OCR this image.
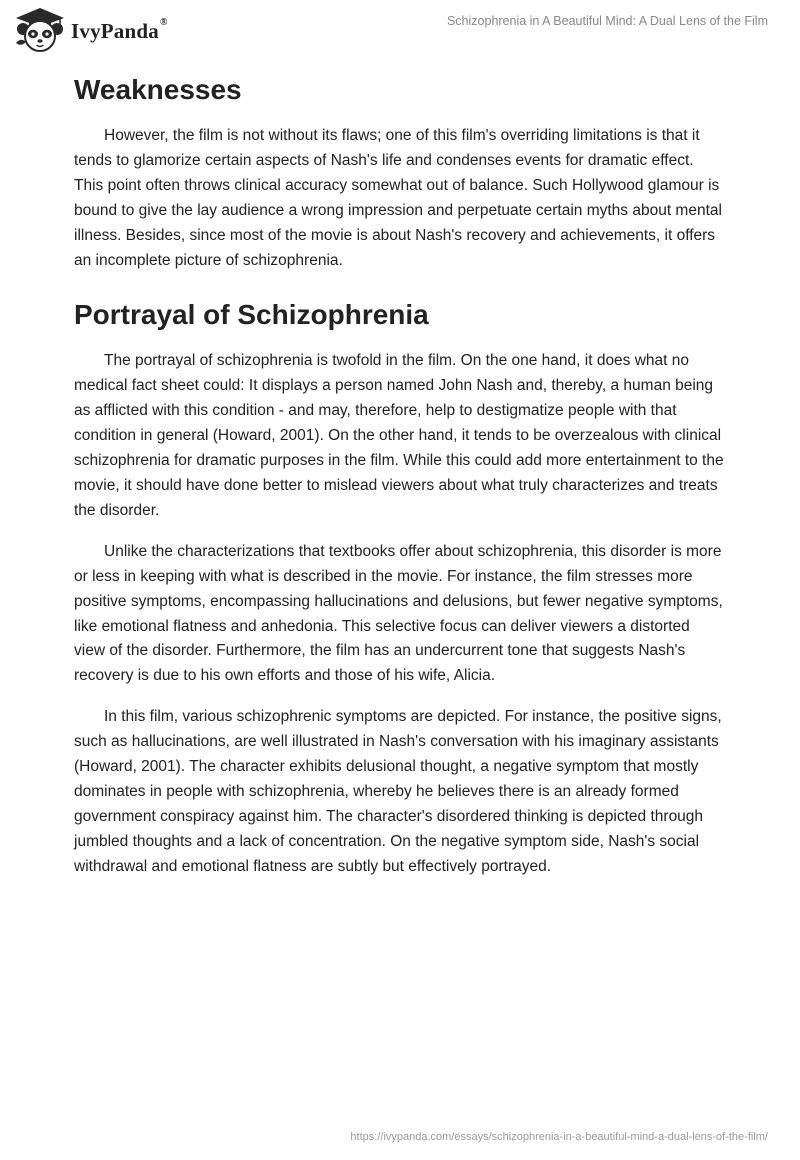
IvyPanda®	Schizophrenia in A Beautiful Mind: A Dual Lens of the Film
Weaknesses

However, the film is not without its flaws; one of this film's overriding limitations is that it tends to glamorize certain aspects of Nash's life and condenses events for dramatic effect. This point often throws clinical accuracy somewhat out of balance. Such Hollywood glamour is bound to give the lay audience a wrong impression and perpetuate certain myths about mental illness. Besides, since most of the movie is about Nash's recovery and achievements, it offers an incomplete picture of schizophrenia.

Portrayal of Schizophrenia

The portrayal of schizophrenia is twofold in the film. On the one hand, it does what no medical fact sheet could: It displays a person named John Nash and, thereby, a human being as afflicted with this condition - and may, therefore, help to destigmatize people with that condition in general (Howard, 2001). On the other hand, it tends to be overzealous with clinical schizophrenia for dramatic purposes in the film. While this could add more entertainment to the movie, it should have done better to mislead viewers about what truly characterizes and treats the disorder.

Unlike the characterizations that textbooks offer about schizophrenia, this disorder is more or less in keeping with what is described in the movie. For instance, the film stresses more positive symptoms, encompassing hallucinations and delusions, but fewer negative symptoms, like emotional flatness and anhedonia. This selective focus can deliver viewers a distorted view of the disorder. Furthermore, the film has an undercurrent tone that suggests Nash's recovery is due to his own efforts and those of his wife, Alicia.

In this film, various schizophrenic symptoms are depicted. For instance, the positive signs, such as hallucinations, are well illustrated in Nash's conversation with his imaginary assistants (Howard, 2001). The character exhibits delusional thought, a negative symptom that mostly dominates in people with schizophrenia, whereby he believes there is an already formed government conspiracy against him. The character's disordered thinking is depicted through jumbled thoughts and a lack of concentration. On the negative symptom side, Nash's social withdrawal and emotional flatness are subtly but effectively portrayed.

https://ivypanda.com/essays/schizophrenia-in-a-beautiful-mind-a-dual-lens-of-the-film/
